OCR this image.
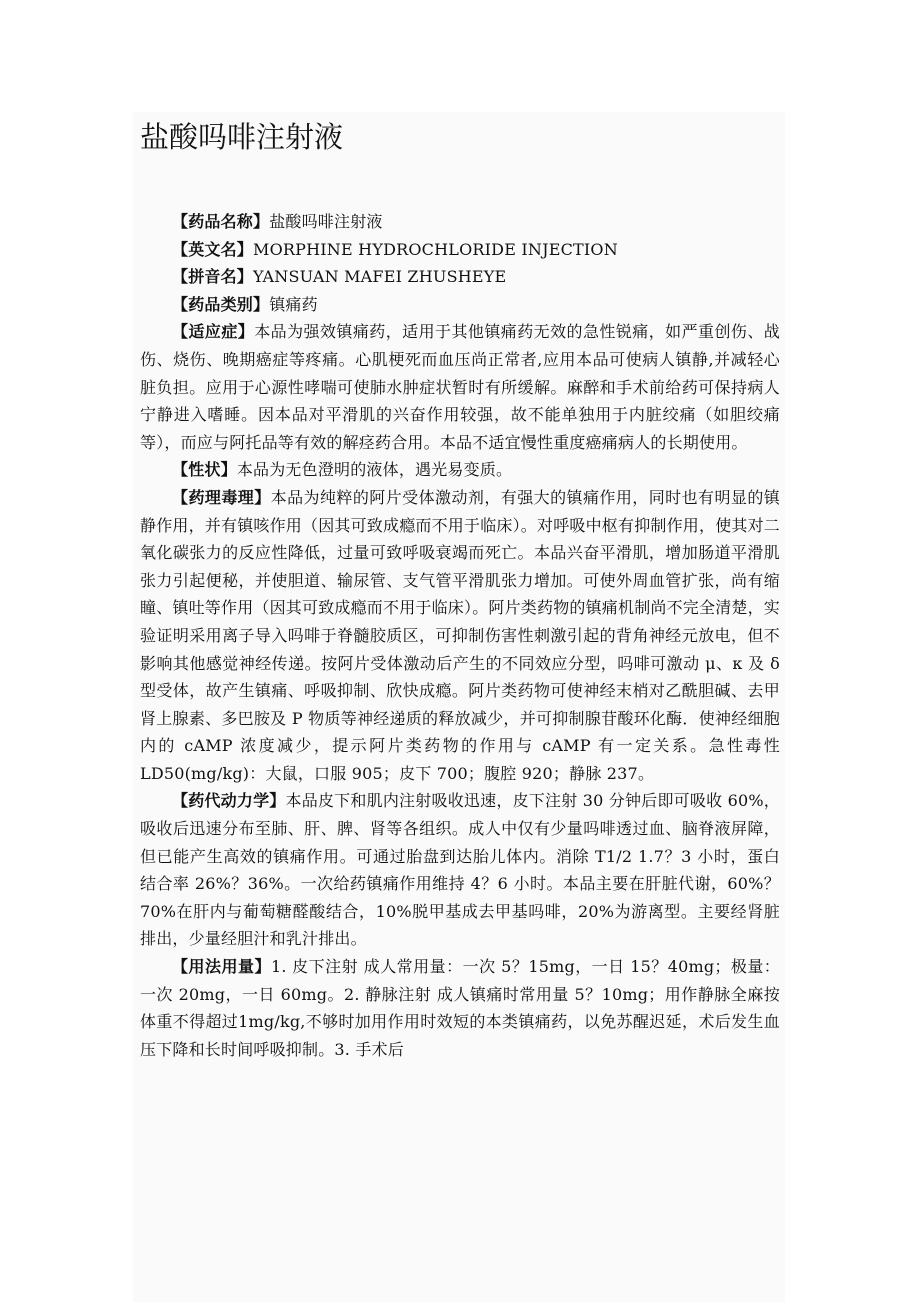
盐酸吗啡注射液

【药品名称】盐酸吗啡注射液

【英文名】MORPHINE HYDROCHLORIDE INJECTION

【拼音名】YANSUAN MAFEI ZHUSHEYE

【药品类别】镇痛药

【适应症】本品为强效镇痛药，适用于其他镇痛药无效的急性锐痛，如严重创伤、战伤、烧伤、晚期癌症等疼痛。心肌梗死而血压尚正常者,应用本品可使病人镇静,并减轻心脏负担。应用于心源性哮喘可使肺水肿症状暂时有所缓解。麻醉和手术前给药可保持病人宁静进入嗜睡。因本品对平滑肌的兴奋作用较强，故不能单独用于内脏绞痛（如胆绞痛等），而应与阿托品等有效的解痉药合用。本品不适宜慢性重度癌痛病人的长期使用。

【性状】本品为无色澄明的液体，遇光易变质。

【药理毒理】本品为纯粹的阿片受体激动剂，有强大的镇痛作用，同时也有明显的镇静作用，并有镇咳作用（因其可致成瘾而不用于临床）。对呼吸中枢有抑制作用，使其对二氧化碳张力的反应性降低，过量可致呼吸衰竭而死亡。本品兴奋平滑肌，增加肠道平滑肌张力引起便秘，并使胆道、输尿管、支气管平滑肌张力增加。可使外周血管扩张，尚有缩瞳、镇吐等作用（因其可致成瘾而不用于临床）。阿片类药物的镇痛机制尚不完全清楚，实验证明采用离子导入吗啡于脊髓胶质区，可抑制伤害性刺激引起的背角神经元放电，但不影响其他感觉神经传递。按阿片受体激动后产生的不同效应分型，吗啡可激动 μ、κ 及 δ 型受体，故产生镇痛、呼吸抑制、欣快成瘾。阿片类药物可使神经末梢对乙酰胆碱、去甲肾上腺素、多巴胺及 P 物质等神经递质的释放减少，并可抑制腺苷酸环化酶．使神经细胞内的 cAMP 浓度减少，提示阿片类药物的作用与 cAMP 有一定关系。急性毒性 LD50(mg/kg)：大鼠，口服 905；皮下 700；腹腔 920；静脉 237。

【药代动力学】本品皮下和肌内注射吸收迅速，皮下注射 30 分钟后即可吸收 60%，吸收后迅速分布至肺、肝、脾、肾等各组织。成人中仅有少量吗啡透过血、脑脊液屏障，但已能产生高效的镇痛作用。可通过胎盘到达胎儿体内。消除 T1/2 1.7？3 小时，蛋白结合率 26%？36%。一次给药镇痛作用维持 4？6 小时。本品主要在肝脏代谢，60%？70%在肝内与葡萄糖醛酸结合，10%脱甲基成去甲基吗啡，20%为游离型。主要经肾脏排出，少量经胆汁和乳汁排出。

【用法用量】1. 皮下注射 成人常用量：一次 5？15mg，一日 15？40mg；极量：一次 20mg，一日 60mg。2. 静脉注射 成人镇痛时常用量 5？10mg；用作静脉全麻按体重不得超过1mg/kg,不够时加用作用时效短的本类镇痛药，以免苏醒迟延，术后发生血压下降和长时间呼吸抑制。3. 手术后
